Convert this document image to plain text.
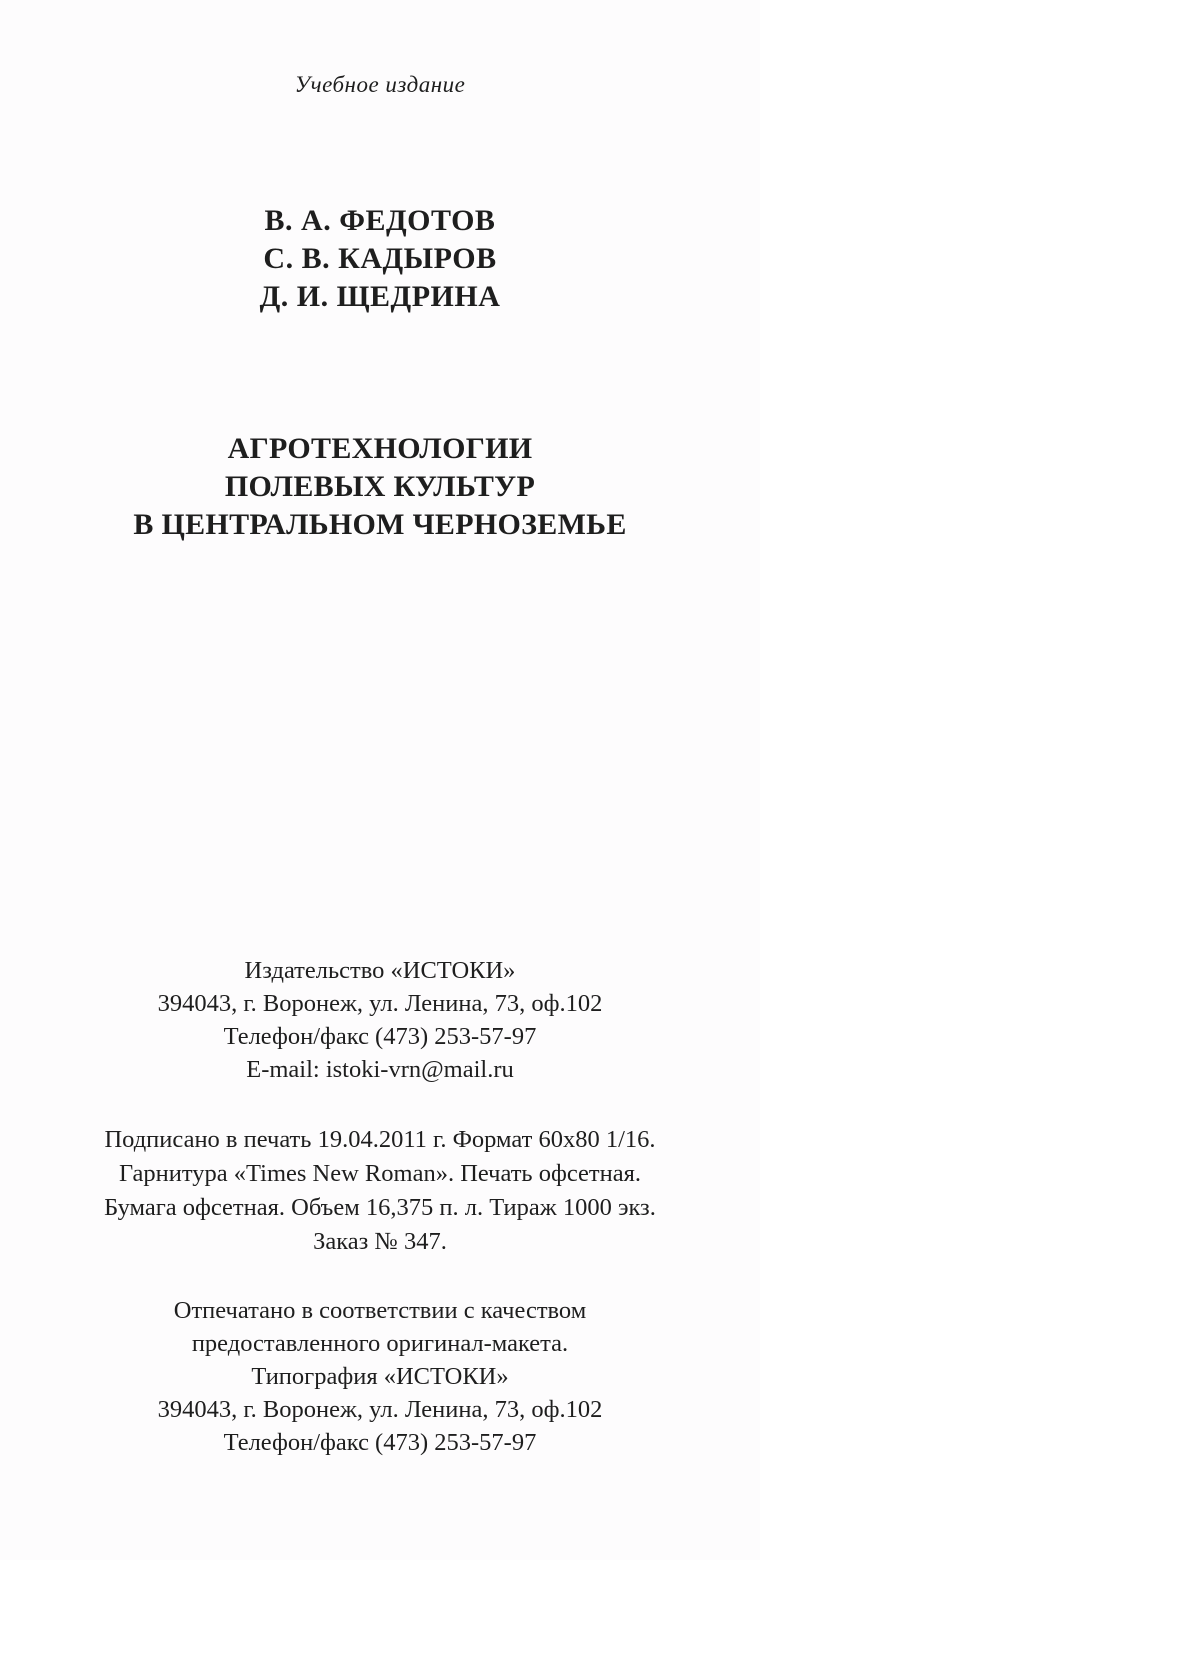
Учебное издание
В. А. ФЕДОТОВ
С. В. КАДЫРОВ
Д. И. ЩЕДРИНА
АГРОТЕХНОЛОГИИ
ПОЛЕВЫХ КУЛЬТУР
В ЦЕНТРАЛЬНОМ ЧЕРНОЗЕМЬЕ
Издательство «ИСТОКИ»
394043, г. Воронеж, ул. Ленина, 73, оф.102
Телефон/факс (473) 253-57-97
E-mail: istoki-vrn@mail.ru
Подписано в печать 19.04.2011 г. Формат 60x80 1/16.
Гарнитура «Times New Roman». Печать офсетная.
Бумага офсетная. Объем 16,375 п. л. Тираж 1000 экз.
Заказ № 347.
Отпечатано в соответствии с качеством
предоставленного оригинал-макета.
Типография «ИСТОКИ»
394043, г. Воронеж, ул. Ленина, 73, оф.102
Телефон/факс (473) 253-57-97
